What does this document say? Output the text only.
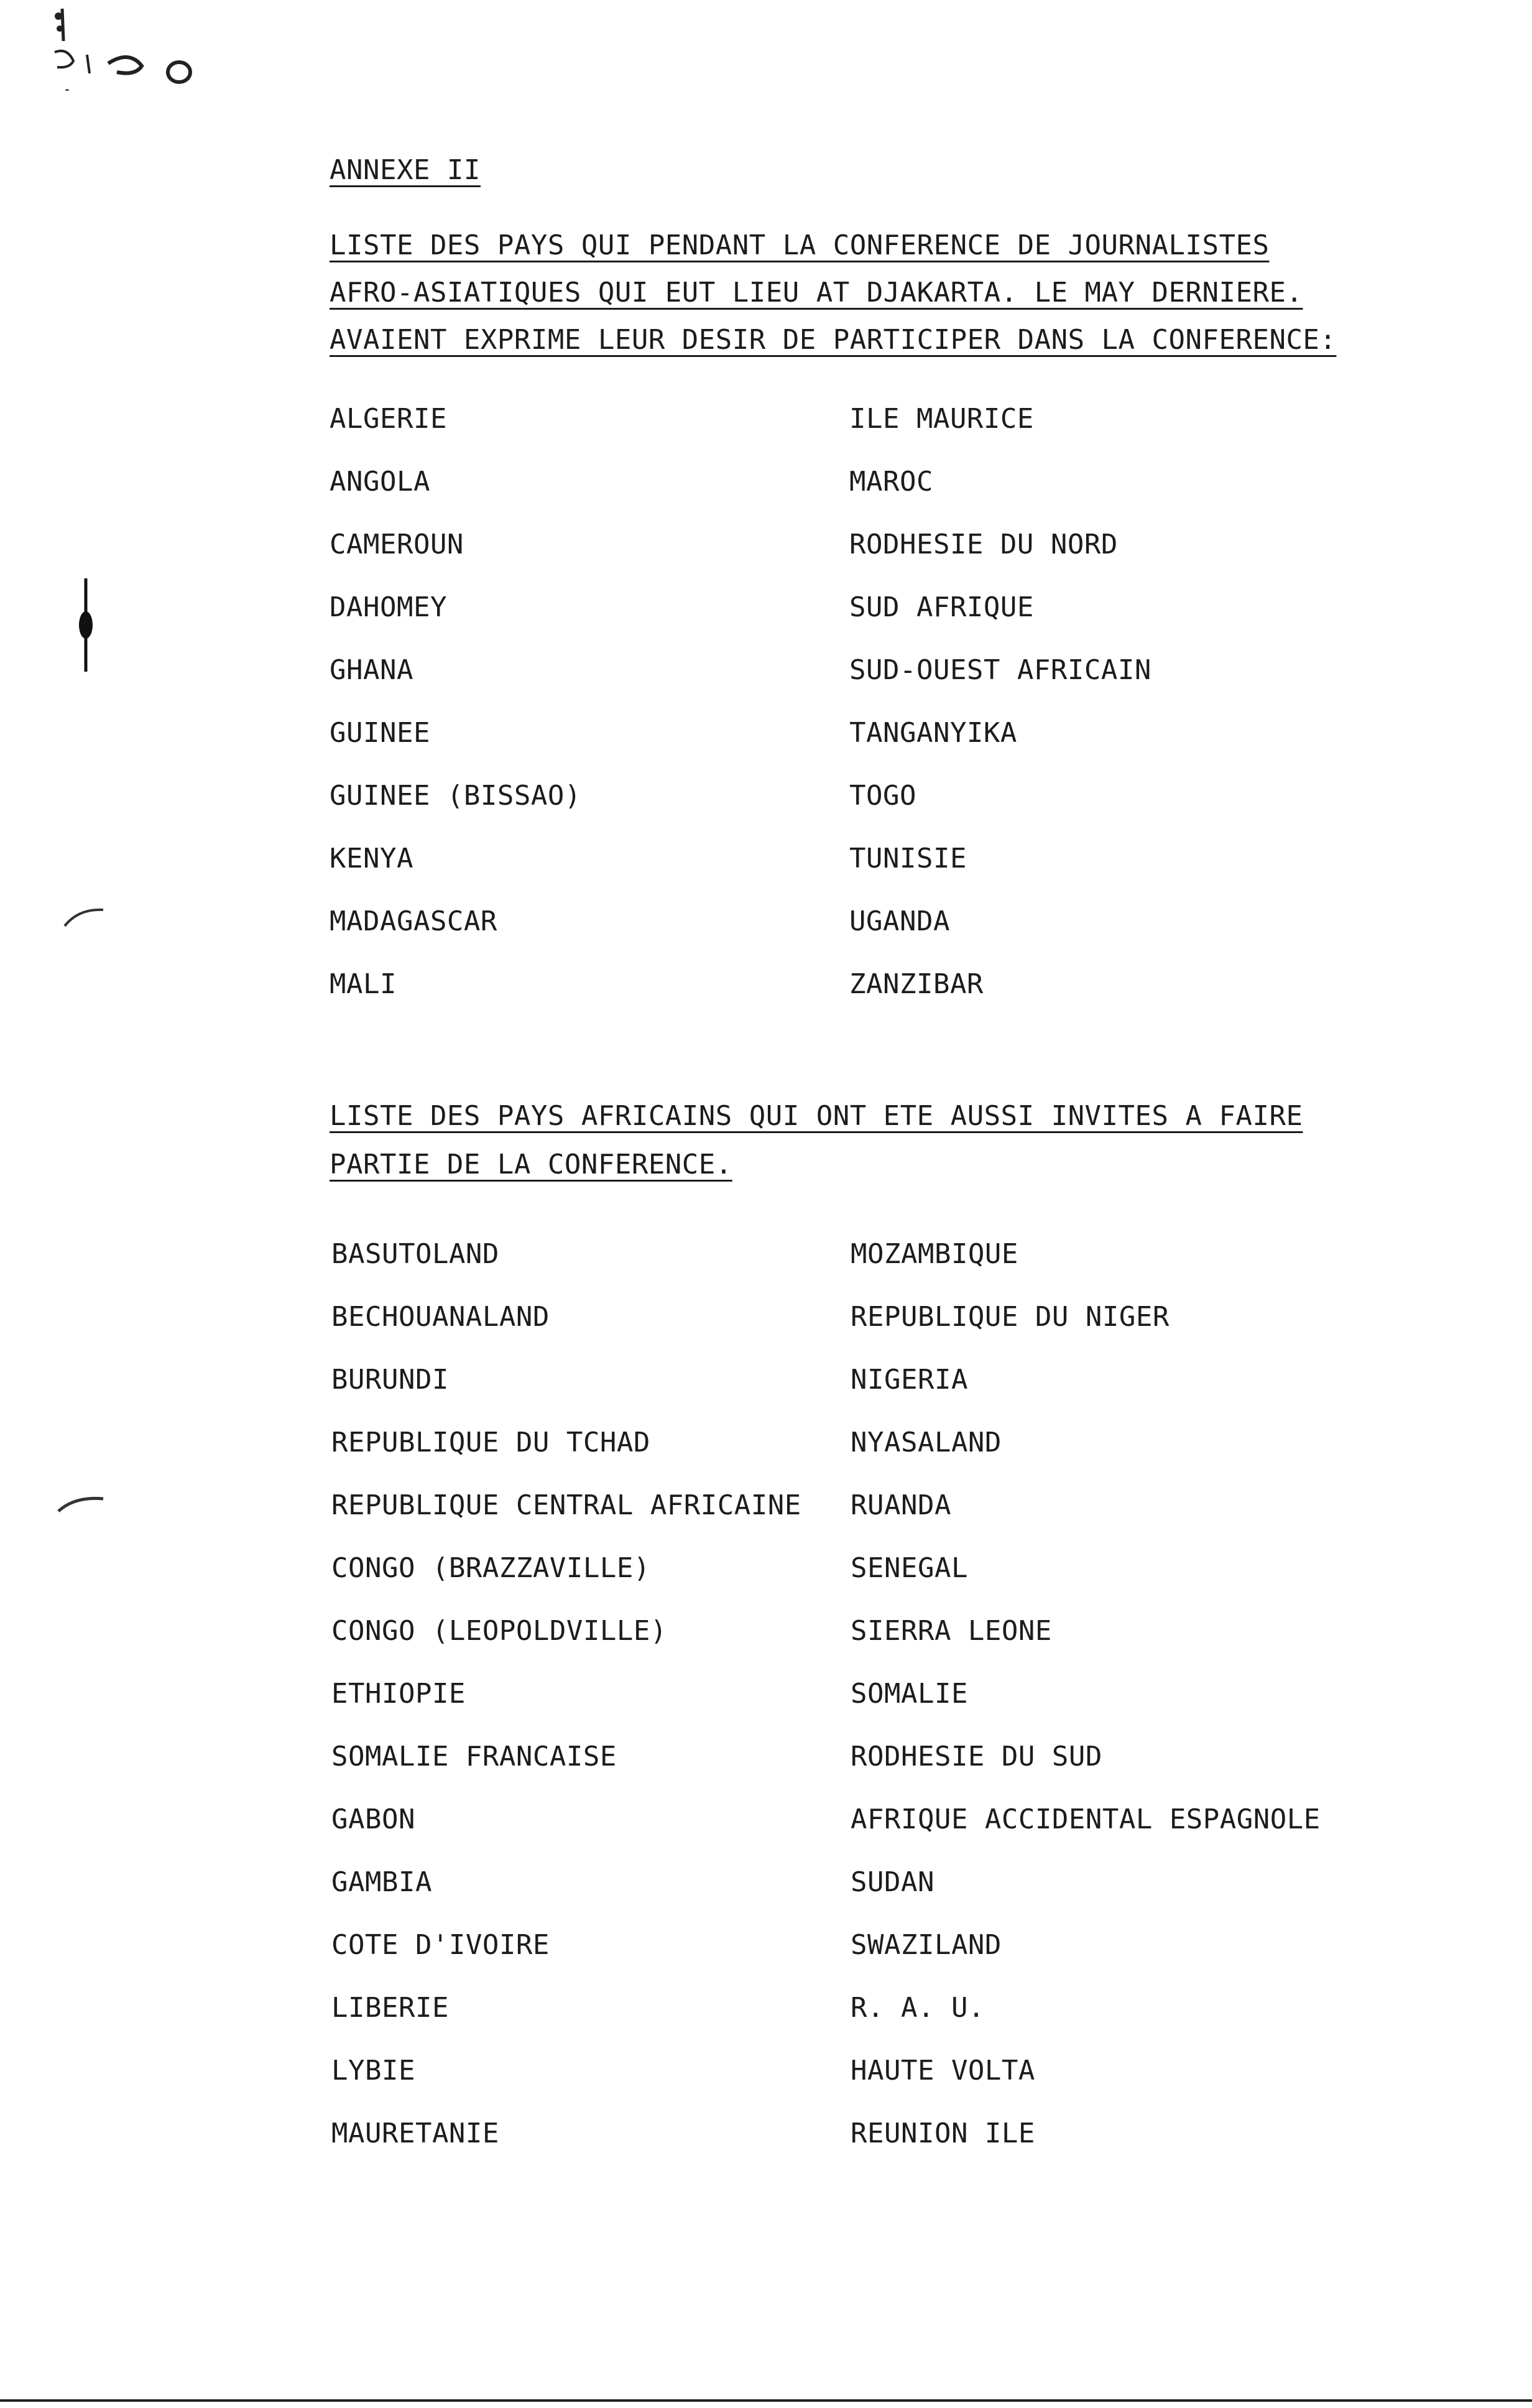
ANNEXE II
LISTE DES PAYS QUI PENDANT LA CONFERENCE DE JOURNALISTES
AFRO-ASIATIQUES QUI EUT LIEU AT DJAKARTA. LE MAY DERNIERE.
AVAIENT EXPRIME LEUR DESIR DE PARTICIPER DANS LA CONFERENCE:
ALGERIE
ANGOLA
CAMEROUN
DAHOMEY
GHANA
GUINEE
GUINEE (BISSAO)
KENYA
MADAGASCAR
MALI
ILE MAURICE
MAROC
RODHESIE DU NORD
SUD AFRIQUE
SUD-OUEST AFRICAIN
TANGANYIKA
TOGO
TUNISIE
UGANDA
ZANZIBAR
LISTE DES PAYS AFRICAINS QUI ONT ETE AUSSI INVITES A FAIRE
PARTIE DE LA CONFERENCE.
BASUTOLAND
BECHOUANALAND
BURUNDI
REPUBLIQUE DU TCHAD
REPUBLIQUE CENTRAL AFRICAINE
CONGO (BRAZZAVILLE)
CONGO (LEOPOLDVILLE)
ETHIOPIE
SOMALIE FRANCAISE
GABON
GAMBIA
COTE D'IVOIRE
LIBERIE
LYBIE
MAURETANIE
MOZAMBIQUE
REPUBLIQUE DU NIGER
NIGERIA
NYASALAND
RUANDA
SENEGAL
SIERRA LEONE
SOMALIE
RODHESIE DU SUD
AFRIQUE ACCIDENTAL ESPAGNOLE
SUDAN
SWAZILAND
R. A. U.
HAUTE VOLTA
REUNION ILE
